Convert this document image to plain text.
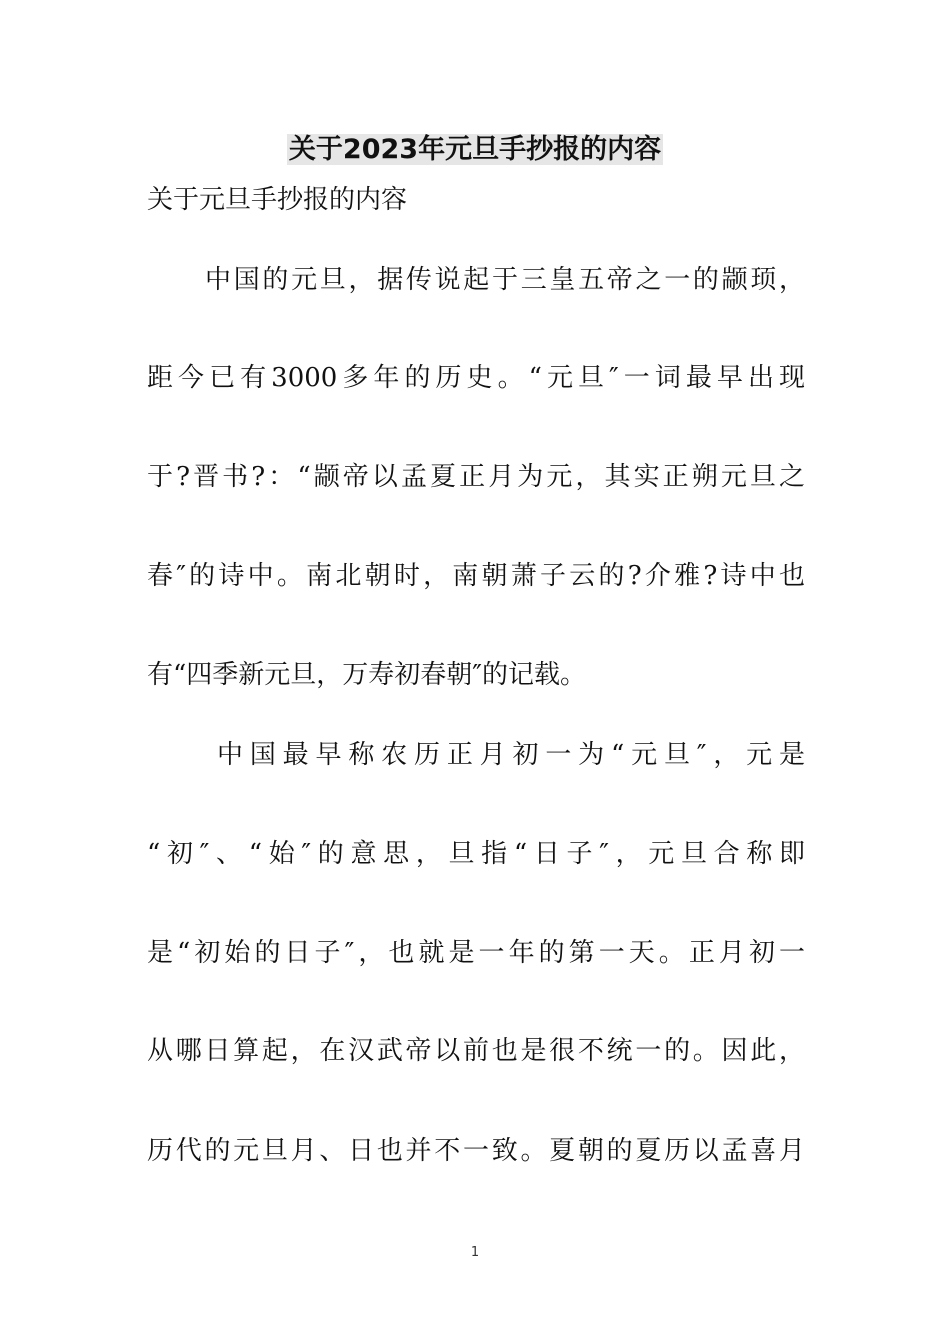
关于2023年元旦手抄报的内容
关于元旦手抄报的内容
中国的元旦，据传说起于三皇五帝之一的颛顼，
距今已有3000多年的历史。“元旦″一词最早出现
于?晋书?：“颛帝以孟夏正月为元，其实正朔元旦之
春″的诗中。南北朝时，南朝萧子云的?介雅?诗中也
有“四季新元旦，万寿初春朝″的记载。
中国最早称农历正月初一为“元旦″，元是
“初″、“始″的意思，旦指“日子″，元旦合称即
是“初始的日子″，也就是一年的第一天。正月初一
从哪日算起，在汉武帝以前也是很不统一的。因此，
历代的元旦月、日也并不一致。夏朝的夏历以孟喜月
1
